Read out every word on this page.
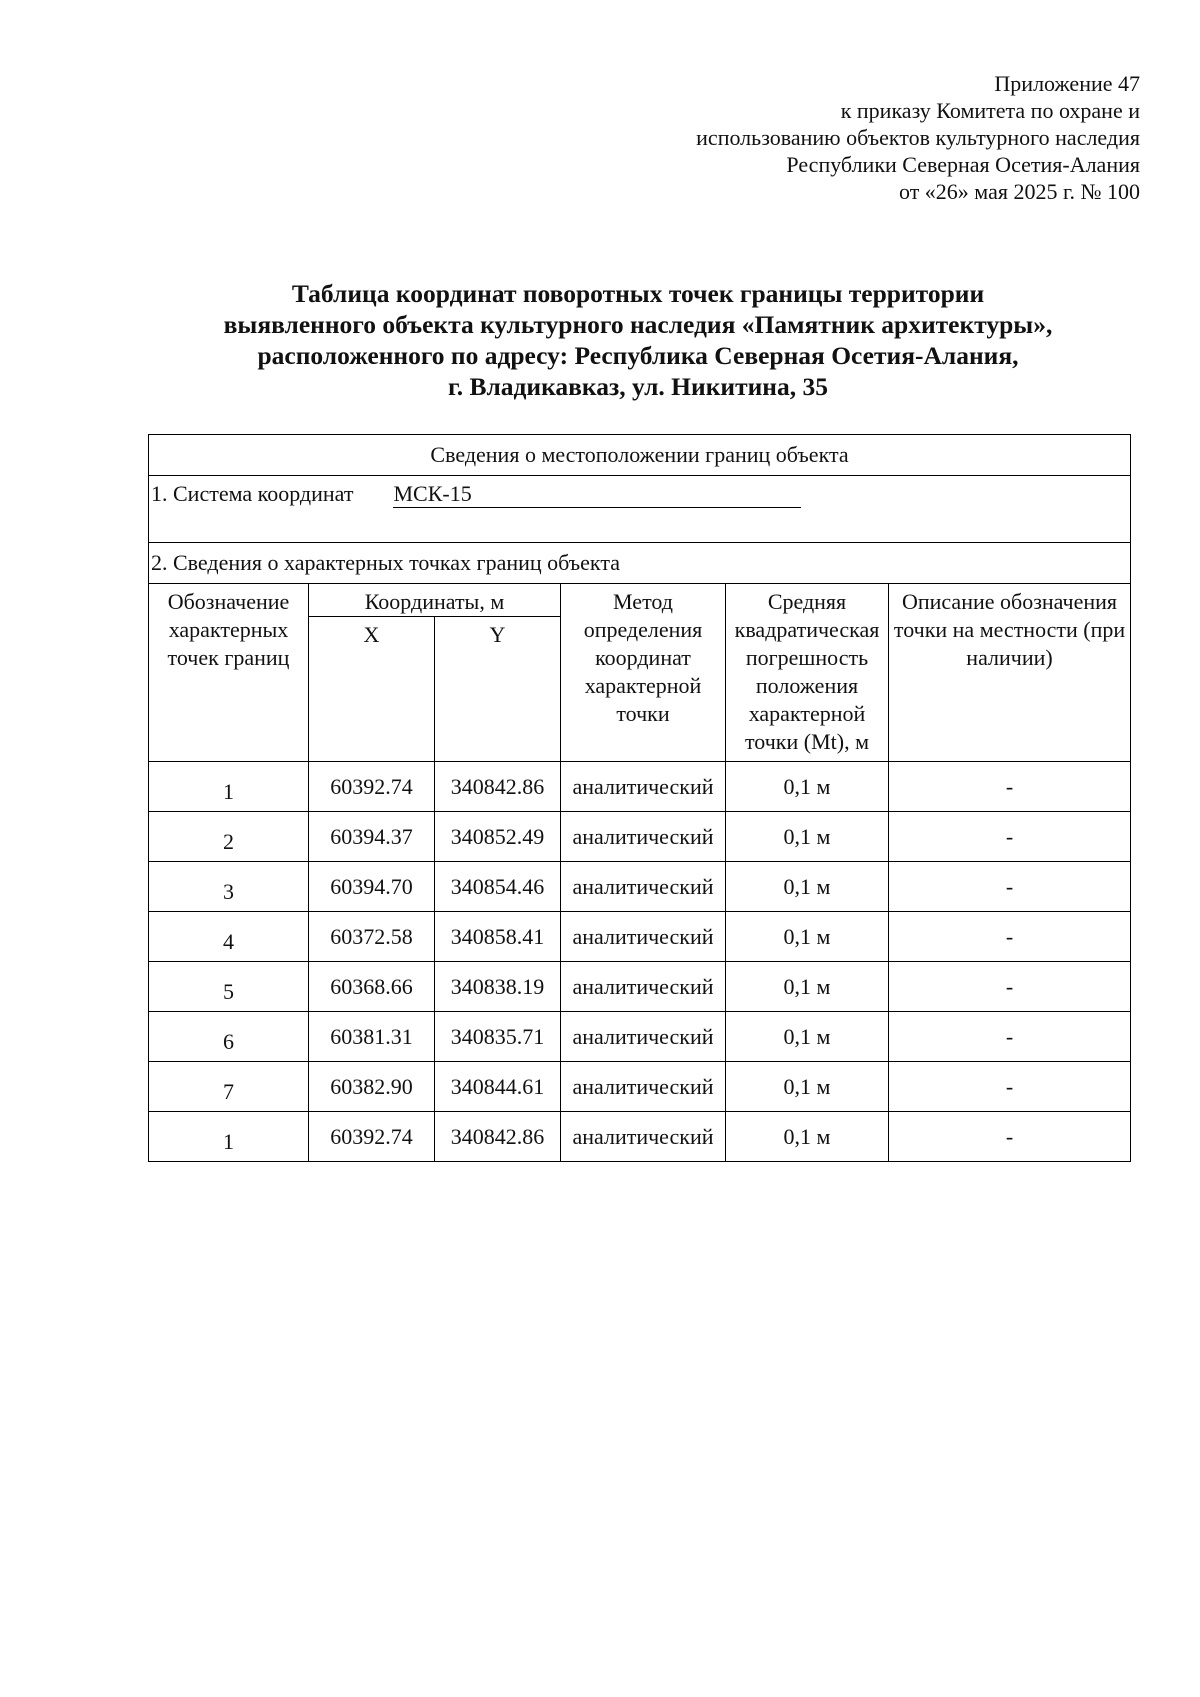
Приложение 47
к приказу Комитета по охране и
использованию объектов культурного наследия
Республики Северная Осетия-Алания
от «26» мая 2025 г. № 100
Таблица координат поворотных точек границы территории
выявленного объекта культурного наследия «Памятник архитектуры»,
расположенного по адресу: Республика Северная Осетия-Алания,
г. Владикавказ, ул. Никитина, 35
Сведения о местоположении границ объекта					
1. Система координат МСК-15					
2. Сведения о характерных точках границ объекта					
Обозначение характерных точек границ	Координаты, м		Метод определения координат характерной точки	Средняя квадратическая погрешность положения характерной точки (Mt), м	Описание обозначения точки на местности (при наличии)
	X	Y			
1	60392.74	340842.86	аналитический	0,1 м	-
2	60394.37	340852.49	аналитический	0,1 м	-
3	60394.70	340854.46	аналитический	0,1 м	-
4	60372.58	340858.41	аналитический	0,1 м	-
5	60368.66	340838.19	аналитический	0,1 м	-
6	60381.31	340835.71	аналитический	0,1 м	-
7	60382.90	340844.61	аналитический	0,1 м	-
1	60392.74	340842.86	аналитический	0,1 м	-
